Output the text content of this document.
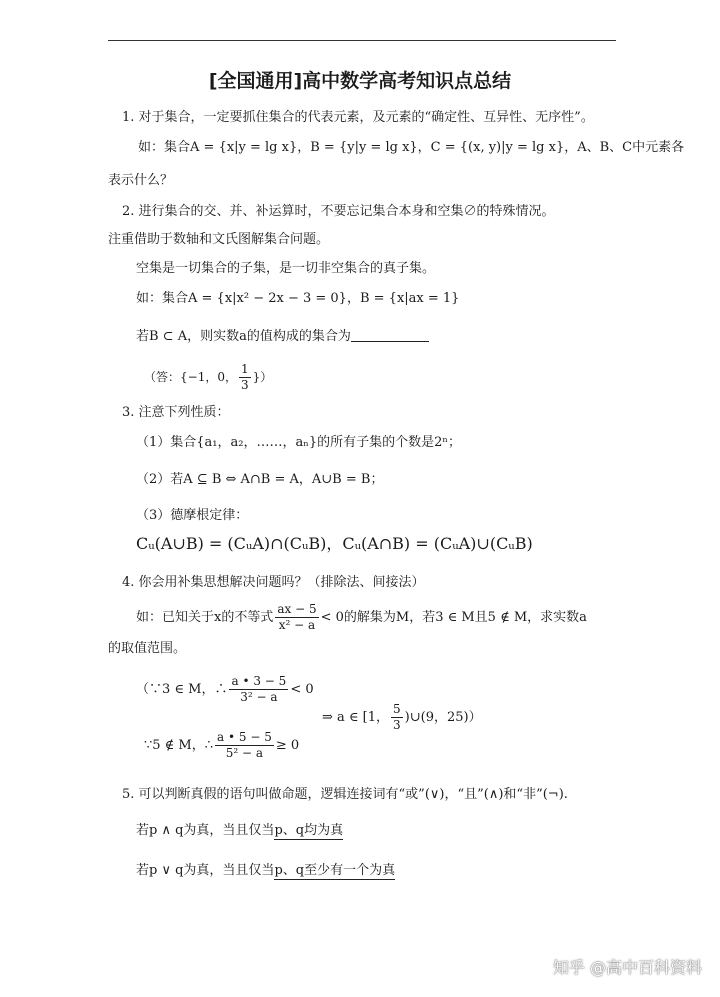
[全国通用]高中数学高考知识点总结
1. 对于集合，一定要抓住集合的代表元素，及元素的“确定性、互异性、无序性”。
如：集合A = {x|y = lg x}，B = {y|y = lg x}，C = {(x, y)|y = lg x}，A、B、C中元素各
表示什么？
2. 进行集合的交、并、补运算时，不要忘记集合本身和空集∅的特殊情况。
注重借助于数轴和文氏图解集合问题。
空集是一切集合的子集，是一切非空集合的真子集。
如：集合A = {x|x² − 2x − 3 = 0}，B = {x|ax = 1}
若B ⊂ A，则实数a的值构成的集合为
（答：{−1，0， $\frac{1}{3}$ }）
3. 注意下列性质：
（1）集合{a₁，a₂，……，aₙ}的所有子集的个数是2ⁿ；
（2）若A ⊆ B ⇔ A∩B = A，A∪B = B；
（3）德摩根定律：
Cᵤ(A∪B) = (CᵤA)∩(CᵤB)，Cᵤ(A∩B) = (CᵤA)∪(CᵤB)
4. 你会用补集思想解决问题吗？（排除法、间接法）
如：已知关于x的不等式 $\frac{ax - 5}{\text{x² − a}} < 0$的解集为M，若3 ∈ M且5 ∉ M，求实数a
的取值范围。
（∵3 ∈ M，∴ $\frac{a • 3 - 5}{\text{3² − a}} < 0$
⇒ a ∈ [1， $\frac{5}{3}$ )∪(9，25)）
∵5 ∉ M，∴ $\frac{a • 5 - 5}{\text{5² − a}} \ge 0$
5. 可以判断真假的语句叫做命题，逻辑连接词有“或”(∨)，“且”(∧)和“非”(¬).
若p ∧ q为真，当且仅当p、q均为真
若p ∨ q为真，当且仅当p、q至少有一个为真
知乎 @高中百科资料
